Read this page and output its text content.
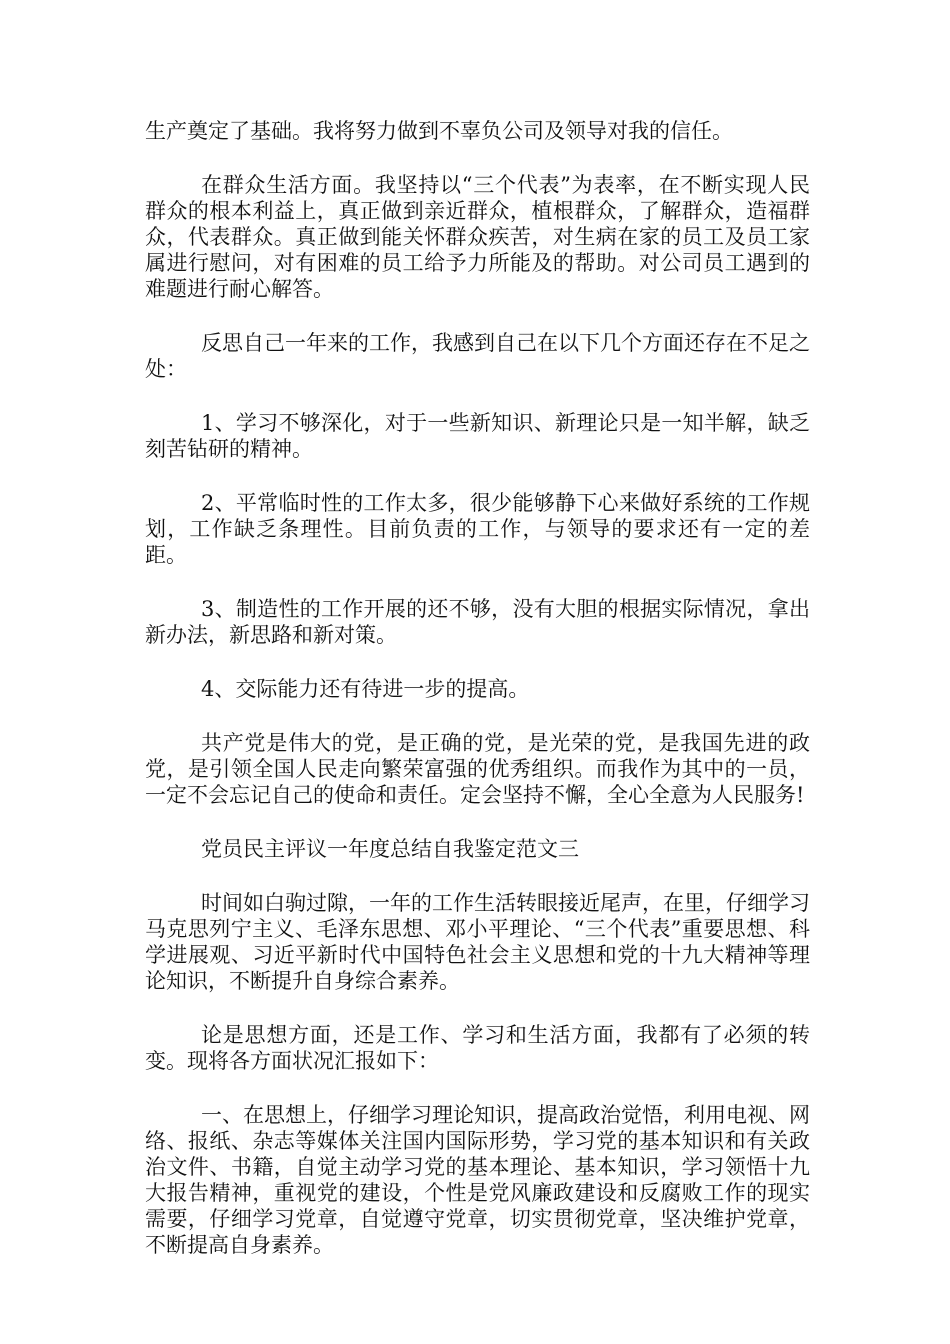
生产奠定了基础。我将努力做到不辜负公司及领导对我的信任。

在群众生活方面。我坚持以“三个代表”为表率，在不断实现人民群众的根本利益上，真正做到亲近群众，植根群众，了解群众，造福群众，代表群众。真正做到能关怀群众疾苦，对生病在家的员工及员工家属进行慰问，对有困难的员工给予力所能及的帮助。对公司员工遇到的难题进行耐心解答。

反思自己一年来的工作，我感到自己在以下几个方面还存在不足之处：

1、学习不够深化，对于一些新知识、新理论只是一知半解，缺乏刻苦钻研的精神。

2、平常临时性的工作太多，很少能够静下心来做好系统的工作规划，工作缺乏条理性。目前负责的工作，与领导的要求还有一定的差距。

3、制造性的工作开展的还不够，没有大胆的根据实际情况，拿出新办法，新思路和新对策。

4、交际能力还有待进一步的提高。

共产党是伟大的党，是正确的党，是光荣的党，是我国先进的政党，是引领全国人民走向繁荣富强的优秀组织。而我作为其中的一员，一定不会忘记自己的使命和责任。定会坚持不懈，全心全意为人民服务!

党员民主评议一年度总结自我鉴定范文三

时间如白驹过隙，一年的工作生活转眼接近尾声，在里，仔细学习马克思列宁主义、毛泽东思想、邓小平理论、“三个代表”重要思想、科学进展观、习近平新时代中国特色社会主义思想和党的十九大精神等理论知识，不断提升自身综合素养。

论是思想方面，还是工作、学习和生活方面，我都有了必须的转变。现将各方面状况汇报如下：

一、在思想上，仔细学习理论知识，提高政治觉悟，利用电视、网络、报纸、杂志等媒体关注国内国际形势，学习党的基本知识和有关政治文件、书籍，自觉主动学习党的基本理论、基本知识，学习领悟十九大报告精神，重视党的建设，个性是党风廉政建设和反腐败工作的现实需要，仔细学习党章，自觉遵守党章，切实贯彻党章，坚决维护党章，不断提高自身素养。
